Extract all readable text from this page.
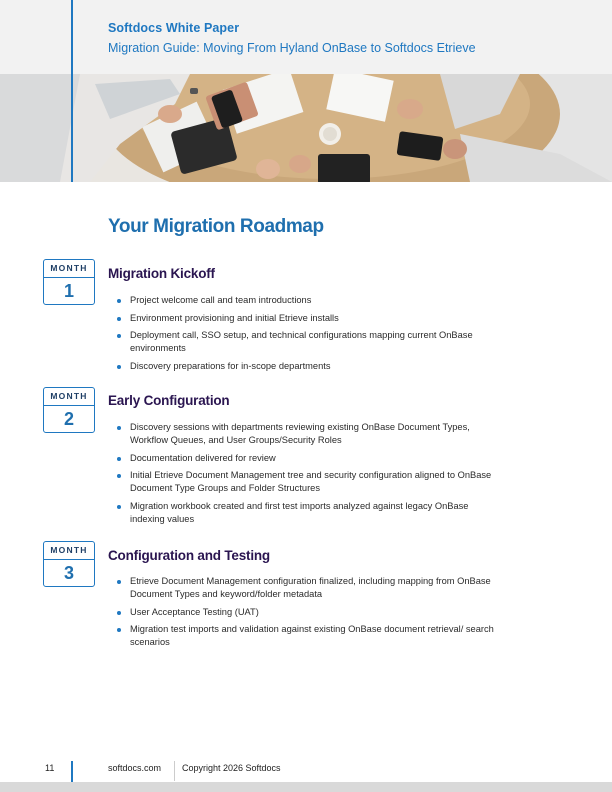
Softdocs White Paper
Migration Guide: Moving From Hyland OnBase to Softdocs Etrieve
Your Migration Roadmap
MONTH
1
Migration Kickoff
Project welcome call and team introductions
Environment provisioning and initial Etrieve installs
Deployment call, SSO setup, and technical configurations mapping current OnBase environments
Discovery preparations for in-scope departments
MONTH
2
Early Configuration
Discovery sessions with departments reviewing existing OnBase Document Types, Workflow Queues, and User Groups/Security Roles
Documentation delivered for review
Initial Etrieve Document Management tree and security configuration aligned to OnBase Document Type Groups and Folder Structures
Migration workbook created and first test imports analyzed against legacy OnBase indexing values
MONTH
3
Configuration and Testing
Etrieve Document Management configuration finalized, including mapping from OnBase Document Types and keyword/folder metadata
User Acceptance Testing (UAT)
Migration test imports and validation against existing OnBase document retrieval/ search scenarios
11	softdocs.com Copyright 2026 Softdocs
